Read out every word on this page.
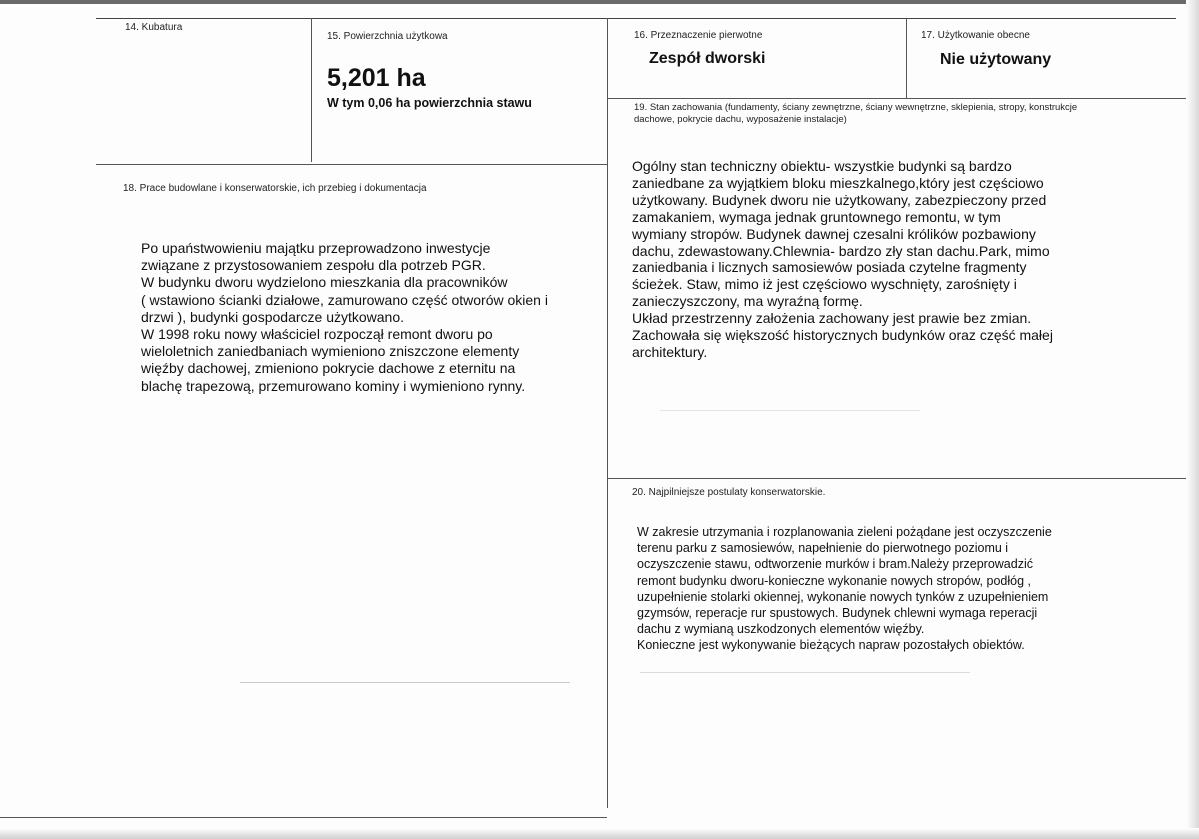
14. Kubatura
15. Powierzchnia użytkowa
5,201 ha
W tym 0,06 ha powierzchnia stawu
16. Przeznaczenie pierwotne
Zespół dworski
17. Użytkowanie obecne
Nie użytowany
18. Prace budowlane i konserwatorskie, ich przebieg i dokumentacja
Po upaństwowieniu majątku przeprowadzono inwestycje
związane z przystosowaniem zespołu dla potrzeb PGR.
W budynku dworu wydzielono mieszkania dla pracowników
( wstawiono ścianki działowe, zamurowano część otworów okien i
drzwi ), budynki gospodarcze użytkowano.
W 1998 roku nowy właściciel rozpoczął remont dworu po
wieloletnich zaniedbaniach wymieniono zniszczone elementy
więźby dachowej, zmieniono pokrycie dachowe z eternitu na
blachę trapezową, przemurowano kominy i wymieniono rynny.
19. Stan zachowania (fundamenty, ściany zewnętrzne, ściany wewnętrzne, sklepienia, stropy, konstrukcje dachowe, pokrycie dachu, wyposażenie instalacje)
Ogólny stan techniczny obiektu- wszystkie budynki są bardzo
zaniedbane za wyjątkiem bloku mieszkalnego,który jest częściowo
użytkowany. Budynek dworu nie użytkowany, zabezpieczony przed
zamakaniem, wymaga jednak gruntownego remontu, w tym
wymiany stropów. Budynek dawnej czesalni królików pozbawiony
dachu, zdewastowany.Chlewnia- bardzo zły stan dachu.Park, mimo
zaniedbania i licznych samosiewów posiada czytelne fragmenty
ścieżek. Staw, mimo iż jest częściowo wyschnięty, zarośnięty i
zanieczyszczony, ma wyraźną formę.
Układ przestrzenny założenia zachowany jest prawie bez zmian.
Zachowała się większość historycznych budynków oraz część małej
architektury.
20. Najpilniejsze postulaty konserwatorskie.
W zakresie utrzymania i rozplanowania zieleni pożądane jest oczyszczenie
terenu parku z samosiewów, napełnienie do pierwotnego poziomu i
oczyszczenie stawu, odtworzenie murków i bram.Należy przeprowadzić
remont budynku dworu-konieczne wykonanie nowych stropów, podłóg ,
uzupełnienie stolarki okiennej, wykonanie nowych tynków z uzupełnieniem
gzymsów, reperacje rur spustowych. Budynek chlewni wymaga reperacji
dachu z wymianą uszkodzonych elementów więźby.
Konieczne jest wykonywanie bieżących napraw pozostałych obiektów.
